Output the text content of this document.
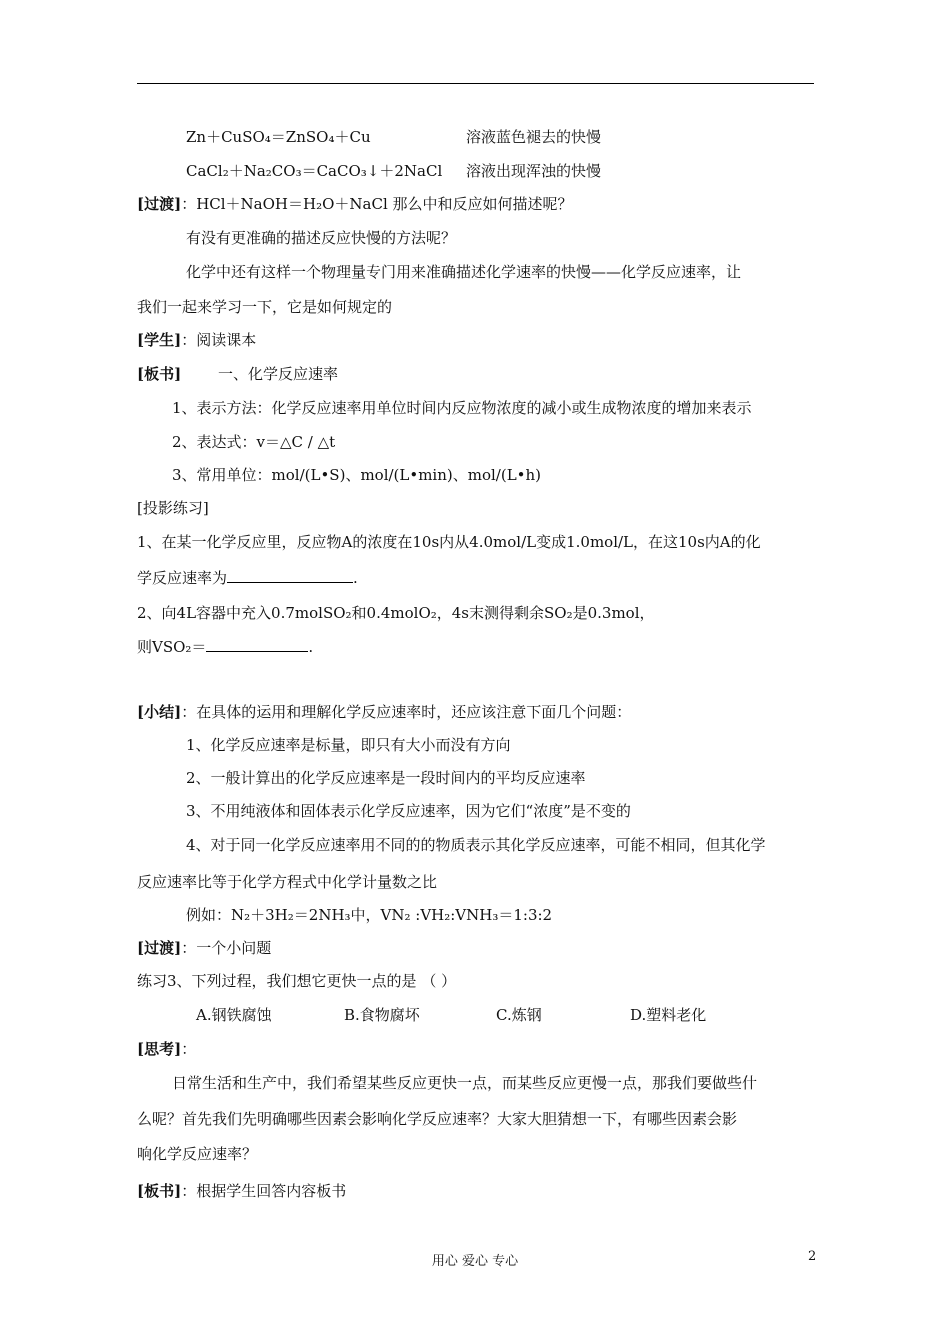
Zn＋CuSO₄＝ZnSO₄＋Cu	溶液蓝色褪去的快慢
CaCl₂＋Na₂CO₃＝CaCO₃↓＋2NaCl 溶液出现浑浊的快慢
[过渡]：HCl＋NaOH＝H₂O＋NaCl 那么中和反应如何描述呢？
有没有更准确的描述反应快慢的方法呢？
化学中还有这样一个物理量专门用来准确描述化学速率的快慢——化学反应速率，让
我们一起来学习一下，它是如何规定的
[学生]：阅读课本
[板书] 一、化学反应速率
1、表示方法：化学反应速率用单位时间内反应物浓度的减小或生成物浓度的增加来表示
2、表达式：v＝△C / △t
3、常用单位：mol/(L•S)、mol/(L•min)、mol/(L•h)
[投影练习]
1、在某一化学反应里，反应物A的浓度在10s内从4.0mol/L变成1.0mol/L，在这10s内A的化
学反应速率为	.
2、向4L容器中充入0.7molSO₂和0.4molO₂，4s末测得剩余SO₂是0.3mol，
则VSO₂＝	.
[小结]：在具体的运用和理解化学反应速率时，还应该注意下面几个问题：
1、化学反应速率是标量，即只有大小而没有方向
2、一般计算出的化学反应速率是一段时间内的平均反应速率
3、不用纯液体和固体表示化学反应速率，因为它们“浓度”是不变的
4、对于同一化学反应速率用不同的的物质表示其化学反应速率，可能不相同，但其化学
反应速率比等于化学方程式中化学计量数之比
例如：N₂＋3H₂＝2NH₃中，VN₂ :VH₂:VNH₃＝1:3:2
[过渡]：一个小问题
练习3、下列过程，我们想它更快一点的是 （ ）
A.钢铁腐蚀	B.食物腐坏	C.炼钢	D.塑料老化
[思考]：
日常生活和生产中，我们希望某些反应更快一点，而某些反应更慢一点，那我们要做些什
么呢？首先我们先明确哪些因素会影响化学反应速率？大家大胆猜想一下，有哪些因素会影
响化学反应速率？
[板书]：根据学生回答内容板书
用心 爱心 专心	2
